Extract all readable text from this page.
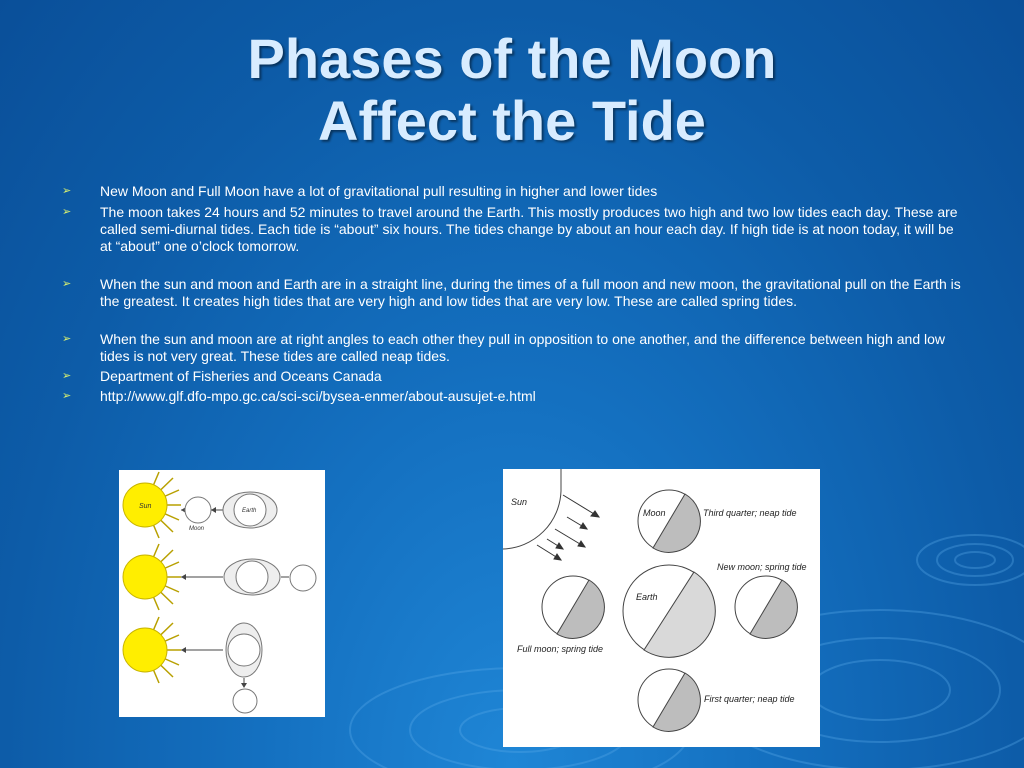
Phases of the Moon
Affect the Tide
➢ New Moon and Full Moon have a lot of gravitational pull resulting in higher and lower tides
➢ The moon takes 24 hours and 52 minutes to travel around the Earth. This mostly produces two high and two low tides each day. These are called semi-diurnal tides. Each tide is “about” six hours. The tides change by about an hour each day. If high tide is at noon today, it will be at “about” one o’clock tomorrow.
➢ When the sun and moon and Earth are in a straight line, during the times of a full moon and new moon, the gravitational pull on the Earth is the greatest. It creates high tides that are very high and low tides that are very low. These are called spring tides.
➢ When the sun and moon are at right angles to each other they pull in opposition to one another, and the difference between high and low tides is not very great. These tides are called neap tides.
➢ Department of Fisheries and Oceans Canada
➢ http://www.glf.dfo-mpo.gc.ca/sci-sci/bysea-enmer/about-ausujet-e.html
Sun
Moon
Earth
Sun
Moon	Third quarter; neap tide
Earth
New moon; spring tide
Full moon; spring tide
First quarter; neap tide
